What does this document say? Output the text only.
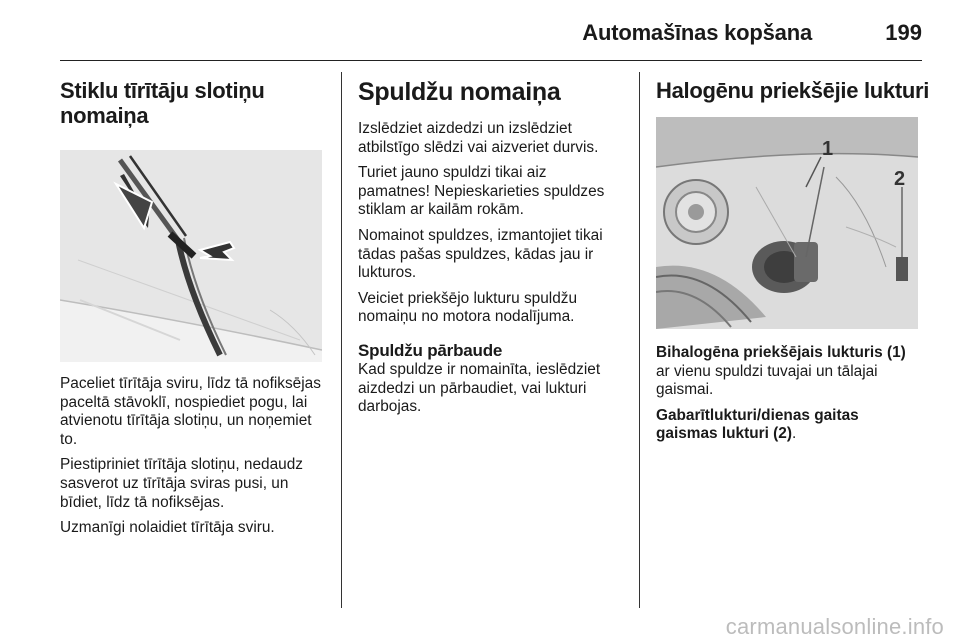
Automašīnas kopšana	199
Stiklu tīrītāju slotiņu nomaiņa

Paceliet tīrītāja sviru, līdz tā nofiksējas paceltā stāvoklī, nospiediet pogu, lai atvienotu tīrītāja slotiņu, un noņemiet to.

Piestipriniet tīrītāja slotiņu, nedaudz sasverot uz tīrītāja sviras pusi, un bīdiet, līdz tā nofiksējas.

Uzmanīgi nolaidiet tīrītāja sviru.

Spuldžu nomaiņa

Izslēdziet aizdedzi un izslēdziet atbilstīgo slēdzi vai aizveriet durvis.

Turiet jauno spuldzi tikai aiz pamatnes! Nepieskarieties spuldzes stiklam ar kailām rokām.

Nomainot spuldzes, izmantojiet tikai tādas pašas spuldzes, kādas jau ir lukturos.

Veiciet priekšējo lukturu spuldžu nomaiņu no motora nodalījuma.

Spuldžu pārbaude

Kad spuldze ir nomainīta, ieslēdziet aizdedzi un pārbaudiet, vai lukturi darbojas.

Halogēnu priekšējie lukturi
1
2

Bihalogēna priekšējais lukturis (1) ar vienu spuldzi tuvajai un tālajai gaismai.

Gabarītlukturi/dienas gaitas gaismas lukturi (2).

carmanualsonline.info
